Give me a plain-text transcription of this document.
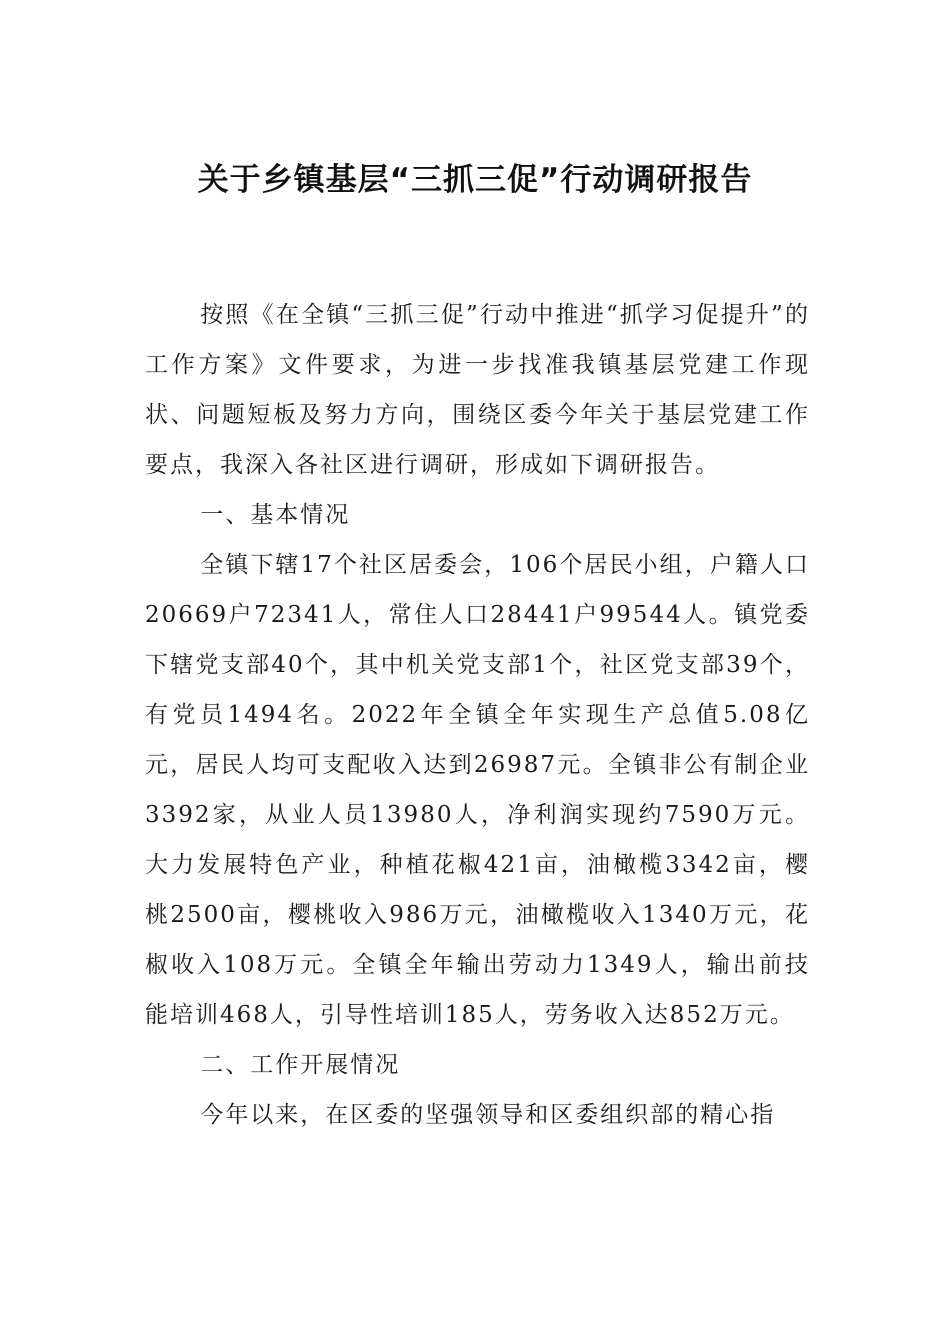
关于乡镇基层“三抓三促”行动调研报告

按照《在全镇“三抓三促”行动中推进“抓学习促提升”的工作方案》文件要求，为进一步找准我镇基层党建工作现状、问题短板及努力方向，围绕区委今年关于基层党建工作要点，我深入各社区进行调研，形成如下调研报告。

一、基本情况

全镇下辖17个社区居委会，106个居民小组，户籍人口20669户72341人，常住人口28441户99544人。镇党委下辖党支部40个，其中机关党支部1个，社区党支部39个，有党员1494名。2022年全镇全年实现生产总值5.08亿元，居民人均可支配收入达到26987元。全镇非公有制企业3392家，从业人员13980人，净利润实现约7590万元。大力发展特色产业，种植花椒421亩，油橄榄3342亩，樱桃2500亩，樱桃收入986万元，油橄榄收入1340万元，花椒收入108万元。全镇全年输出劳动力1349人，输出前技能培训468人，引导性培训185人，劳务收入达852万元。

二、工作开展情况

今年以来，在区委的坚强领导和区委组织部的精心指
